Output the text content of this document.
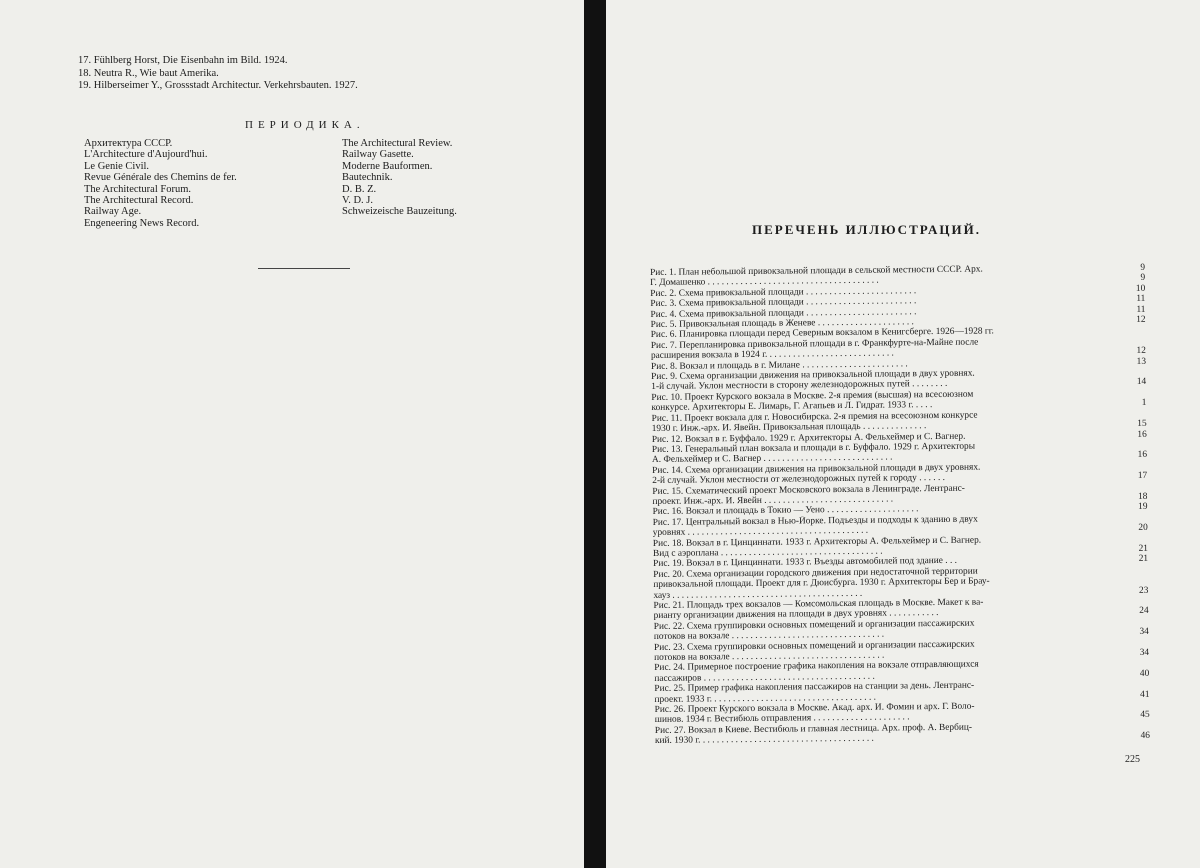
17. Fühlberg Horst, Die Eisenbahn im Bild. 1924.
18. Neutra R., Wie baut Amerika.
19. Hilberseimer Y., Grossstadt Architectur. Verkehrsbauten. 1927.
ПЕРИОДИКА.
Архитектура СССР.
L'Architecture d'Aujourd'hui.
Le Genie Civil.
Revue Générale des Chemins de fer.
The Architectural Forum.
The Architectural Record.
Railway Age.
Engeneering News Record.
The Architectural Review.
Railway Gasette.
Moderne Bauformen.
Bautechnik.
D. B. Z.
V. D. J.
Schweizeische Bauzeitung.
ПЕРЕЧЕНЬ ИЛЛЮСТРАЦИЙ.
Рис. 1. План небольшой привокзальной площади в сельской местности СССР. Арх.	9
Г. Домашенко . . . . . . . . . . . . . . . . . . . . . . . . . . . . . . . . . . . . .	9
Рис. 2. Схема привокзальной площади . . . . . . . . . . . . . . . . . . . . . . . .	10
Рис. 3. Схема привокзальной площади . . . . . . . . . . . . . . . . . . . . . . . .	11
Рис. 4. Схема привокзальной площади . . . . . . . . . . . . . . . . . . . . . . . .	11
Рис. 5. Привокзальная площадь в Женеве . . . . . . . . . . . . . . . . . . . . .	12
Рис. 6. Планировка площади перед Северным вокзалом в Кенигсберге. 1926—1928 гг.
Рис. 7. Перепланировка привокзальной площади в г. Франкфурте-на-Майне после
расширения вокзала в 1924 г. . . . . . . . . . . . . . . . . . . . . . . . . . . .	12
Рис. 8. Вокзал и площадь в г. Милане . . . . . . . . . . . . . . . . . . . . . . .	13
Рис. 9. Схема организации движения на привокзальной площади в двух уровнях.
1-й случай. Уклон местности в сторону железнодорожных путей . . . . . . . .	14
Рис. 10. Проект Курского вокзала в Москве. 2-я премия (высшая) на всесоюзном
конкурсе. Архитекторы Е. Лимарь, Г. Агапьев и Л. Гидрат. 1933 г. . . . .	1
Рис. 11. Проект вокзала для г. Новосибирска. 2-я премия на всесоюзном конкурсе
1930 г. Инж.-арх. И. Явейн. Привокзальная площадь . . . . . . . . . . . . . .	15
Рис. 12. Вокзал в г. Буффало. 1929 г. Архитекторы А. Фельхеймер и С. Вагнер.	16
Рис. 13. Генеральный план вокзала и площади в г. Буффало. 1929 г. Архитекторы
А. Фельхеймер и С. Вагнер . . . . . . . . . . . . . . . . . . . . . . . . . . . .	16
Рис. 14. Схема организации движения на привокзальной площади в двух уровнях.
2-й случай. Уклон местности от железнодорожных путей к городу . . . . . .	17
Рис. 15. Схематический проект Московского вокзала в Ленинграде. Лентранс-
проект. Инж.-арх. И. Явейн . . . . . . . . . . . . . . . . . . . . . . . . . . . .	18
Рис. 16. Вокзал и площадь в Токио — Уено . . . . . . . . . . . . . . . . . . . .	19
Рис. 17. Центральный вокзал в Нью-Йорке. Подъезды и подходы к зданию в двух
уровнях . . . . . . . . . . . . . . . . . . . . . . . . . . . . . . . . . . . . . . .	20
Рис. 18. Вокзал в г. Цинциннати. 1933 г. Архитекторы А. Фельхеймер и С. Вагнер.
Вид с аэроплана . . . . . . . . . . . . . . . . . . . . . . . . . . . . . . . . . . .	21
Рис. 19. Вокзал в г. Цинциннати. 1933 г. Въезды автомобилей под здание . . .	21
Рис. 20. Схема организации городского движения при недостаточной территории
привокзальной площади. Проект для г. Дюисбурга. 1930 г. Архитекторы Бер и Брау-
хауз . . . . . . . . . . . . . . . . . . . . . . . . . . . . . . . . . . . . . . . . .	23
Рис. 21. Площадь трех вокзалов — Комсомольская площадь в Москве. Макет к ва-
рианту организации движения на площади в двух уровнях . . . . . . . . . . .	24
Рис. 22. Схема группировки основных помещений и организации пассажирских
потоков на вокзале . . . . . . . . . . . . . . . . . . . . . . . . . . . . . . . . .	34
Рис. 23. Схема группировки основных помещений и организации пассажирских
потоков на вокзале . . . . . . . . . . . . . . . . . . . . . . . . . . . . . . . . .	34
Рис. 24. Примерное построение графика накопления на вокзале отправляющихся
пассажиров . . . . . . . . . . . . . . . . . . . . . . . . . . . . . . . . . . . . .	40
Рис. 25. Пример графика накопления пассажиров на станции за день. Лентранс-
проект. 1933 г. . . . . . . . . . . . . . . . . . . . . . . . . . . . . . . . . . . .	41
Рис. 26. Проект Курского вокзала в Москве. Акад. арх. И. Фомин и арх. Г. Воло-
шинов. 1934 г. Вестибюль отправления . . . . . . . . . . . . . . . . . . . . .	45
Рис. 27. Вокзал в Киеве. Вестибюль и главная лестница. Арх. проф. А. Вербиц-
кий. 1930 г. . . . . . . . . . . . . . . . . . . . . . . . . . . . . . . . . . . . . .	46
225
